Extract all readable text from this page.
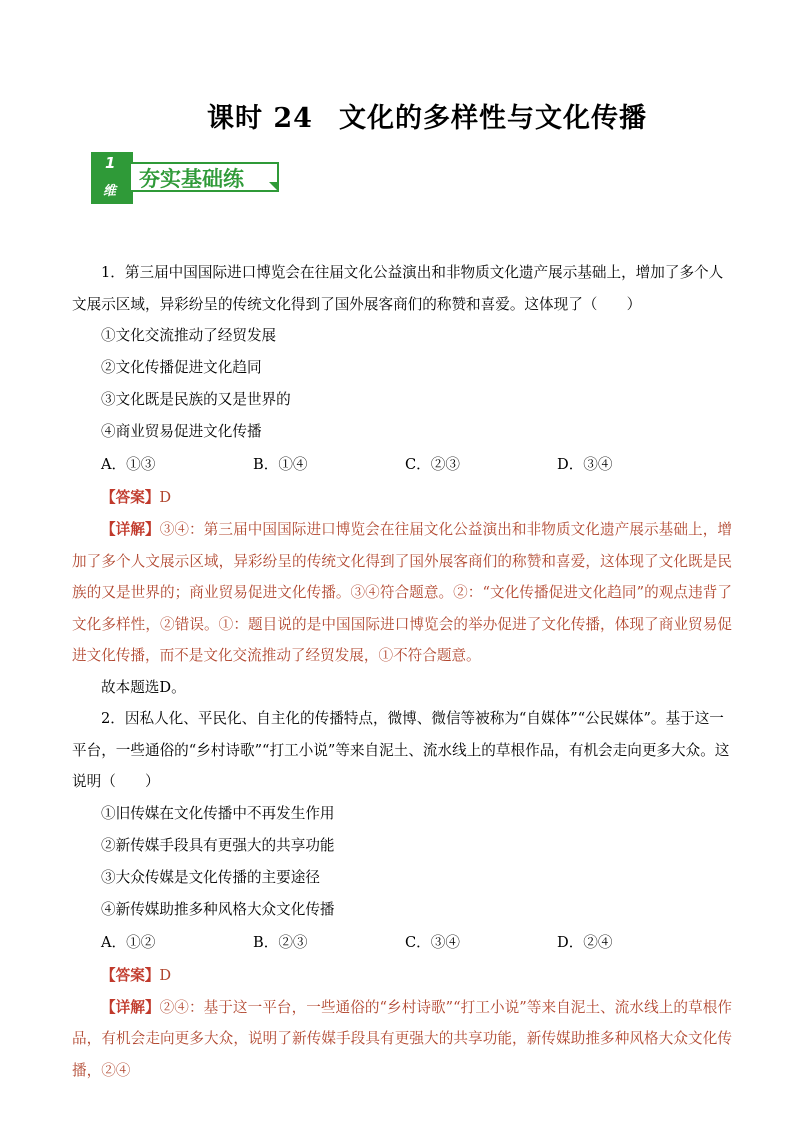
课时 24 文化的多样性与文化传播
1
维
夯实基础练

1．第三届中国国际进口博览会在往届文化公益演出和非物质文化遗产展示基础上，增加了多个人文展示区域，异彩纷呈的传统文化得到了国外展客商们的称赞和喜爱。这体现了（　　）

①文化交流推动了经贸发展

②文化传播促进文化趋同

③文化既是民族的又是世界的

④商业贸易促进文化传播

A．①③	B．①④	C．②③	D．③④

【答案】D

【详解】③④：第三届中国国际进口博览会在往届文化公益演出和非物质文化遗产展示基础上，增加了多个人文展示区域，异彩纷呈的传统文化得到了国外展客商们的称赞和喜爱，这体现了文化既是民族的又是世界的；商业贸易促进文化传播。③④符合题意。②：“文化传播促进文化趋同”的观点违背了文化多样性，②错误。①：题目说的是中国国际进口博览会的举办促进了文化传播，体现了商业贸易促进文化传播，而不是文化交流推动了经贸发展，①不符合题意。

故本题选D。

2．因私人化、平民化、自主化的传播特点，微博、微信等被称为“自媒体”“公民媒体”。基于这一平台，一些通俗的“乡村诗歌”“打工小说”等来自泥土、流水线上的草根作品，有机会走向更多大众。这说明（　　）

①旧传媒在文化传播中不再发生作用

②新传媒手段具有更强大的共享功能

③大众传媒是文化传播的主要途径

④新传媒助推多种风格大众文化传播

A．①②	B．②③	C．③④	D．②④

【答案】D

【详解】②④：基于这一平台，一些通俗的“乡村诗歌”“打工小说”等来自泥土、流水线上的草根作品，有机会走向更多大众，说明了新传媒手段具有更强大的共享功能，新传媒助推多种风格大众文化传播，②④
